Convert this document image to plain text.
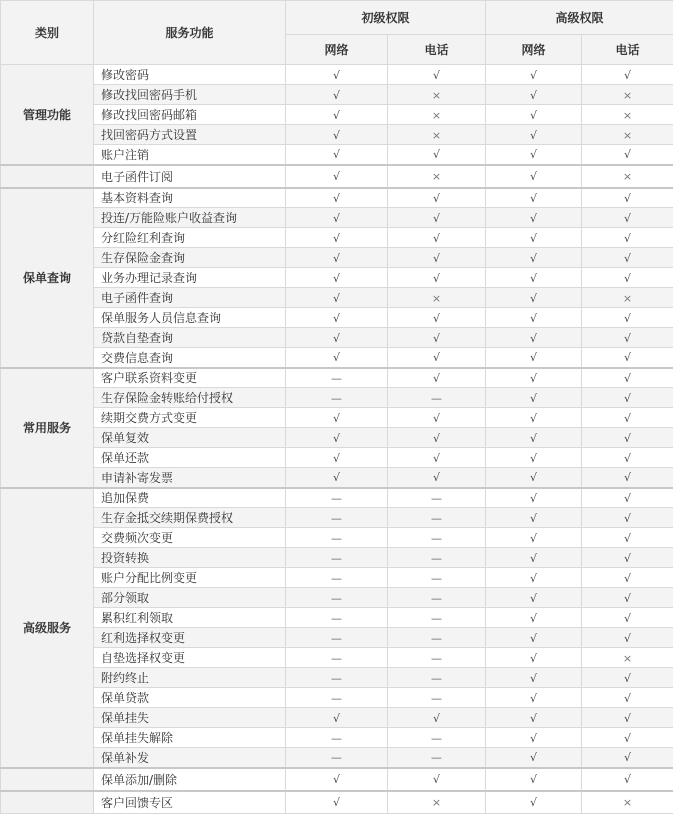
类别	服务功能	初级权限		高级权限	
		网络	电话	网络	电话
管理功能	修改密码	√	√	√	√
	修改找回密码手机	√	×	√	×
	修改找回密码邮箱	√	×	√	×
	找回密码方式设置	√	×	√	×
	账户注销	√	√	√	√
	电子函件订阅	√	×	√	×
保单查询	基本资料查询	√	√	√	√
	投连/万能险账户收益查询	√	√	√	√
	分红险红利查询	√	√	√	√
	生存保险金查询	√	√	√	√
	业务办理记录查询	√	√	√	√
	电子函件查询	√	×	√	×
	保单服务人员信息查询	√	√	√	√
	贷款自垫查询	√	√	√	√
	交费信息查询	√	√	√	√
常用服务	客户联系资料变更	—	√	√	√
	生存保险金转账给付授权	—	—	√	√
	续期交费方式变更	√	√	√	√
	保单复效	√	√	√	√
	保单还款	√	√	√	√
	申请补寄发票	√	√	√	√
高级服务	追加保费	—	—	√	√
	生存金抵交续期保费授权	—	—	√	√
	交费频次变更	—	—	√	√
	投资转换	—	—	√	√
	账户分配比例变更	—	—	√	√
	部分领取	—	—	√	√
	累积红利领取	—	—	√	√
	红利选择权变更	—	—	√	√
	自垫选择权变更	—	—	√	×
	附约终止	—	—	√	√
	保单贷款	—	—	√	√
	保单挂失	√	√	√	√
	保单挂失解除	—	—	√	√
	保单补发	—	—	√	√
	保单添加/删除	√	√	√	√
	客户回馈专区	√	×	√	×
